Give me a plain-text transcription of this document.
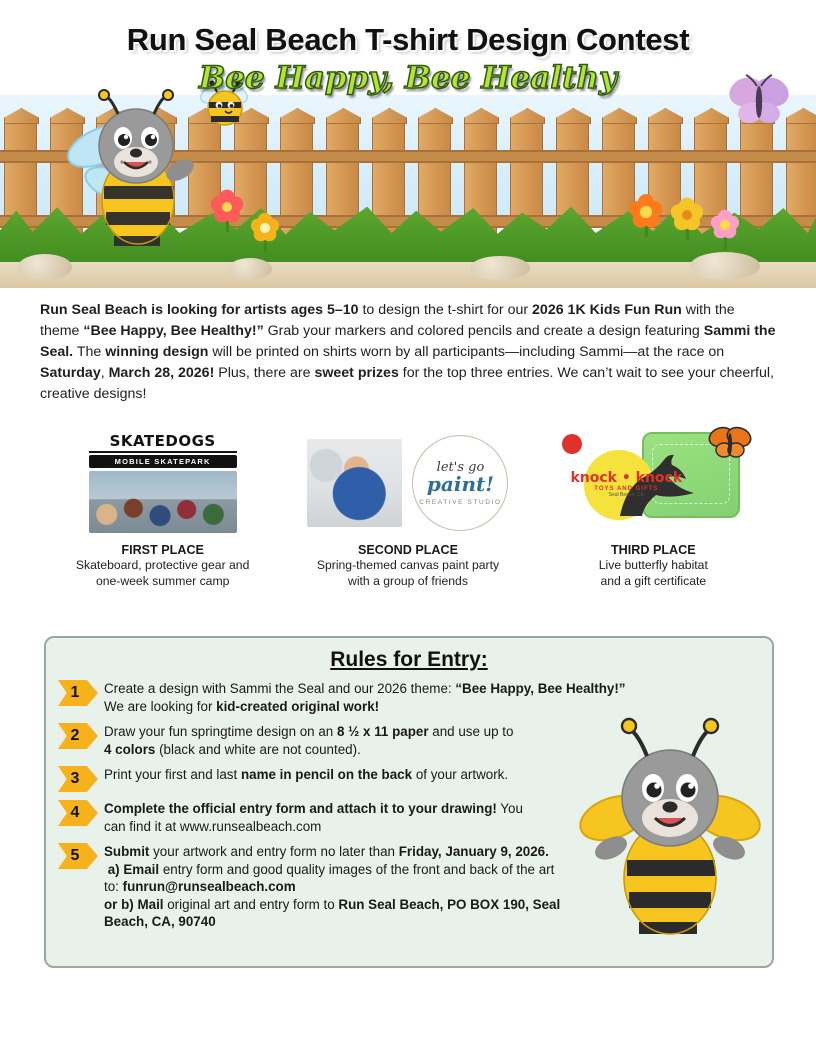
Run Seal Beach T-shirt Design Contest
Bee Happy, Bee Healthy
Run Seal Beach is looking for artists ages 5–10 to design the t-shirt for our 2026 1K Kids Fun Run with the theme “Bee Happy, Bee Healthy!” Grab your markers and colored pencils and create a design featuring Sammi the Seal. The winning design will be printed on shirts worn by all participants—including Sammi—at the race on Saturday, March 28, 2026! Plus, there are sweet prizes for the top three entries. We can’t wait to see your cheerful, creative designs!
SKATEDOGS
MOBILE SKATEPARK
FIRST PLACE
Skateboard, protective gear and
one-week summer camp
let's go
paint!
CREATIVE STUDIO
SECOND PLACE
Spring-themed canvas paint party
with a group of friends
knock • knock
TOYS AND GIFTS
Seal Beach, CA
THIRD PLACE
Live butterfly habitat
and a gift certificate
Rules for Entry:
1	Create a design with Sammi the Seal and our 2026 theme: “Bee Happy, Bee Healthy!”
We are looking for kid-created original work!
2	Draw your fun springtime design on an 8 ½ x 11 paper and use up to
4 colors (black and white are not counted).
3	Print your first and last name in pencil on the back of your artwork.
4	Complete the official entry form and attach it to your drawing! You
can find it at www.runsealbeach.com
5	Submit your artwork and entry form no later than Friday, January 9, 2026.
a) Email entry form and good quality images of the front and back of the art
to: funrun@runsealbeach.com
or b) Mail original art and entry form to Run Seal Beach, PO BOX 190, Seal
Beach, CA, 90740
